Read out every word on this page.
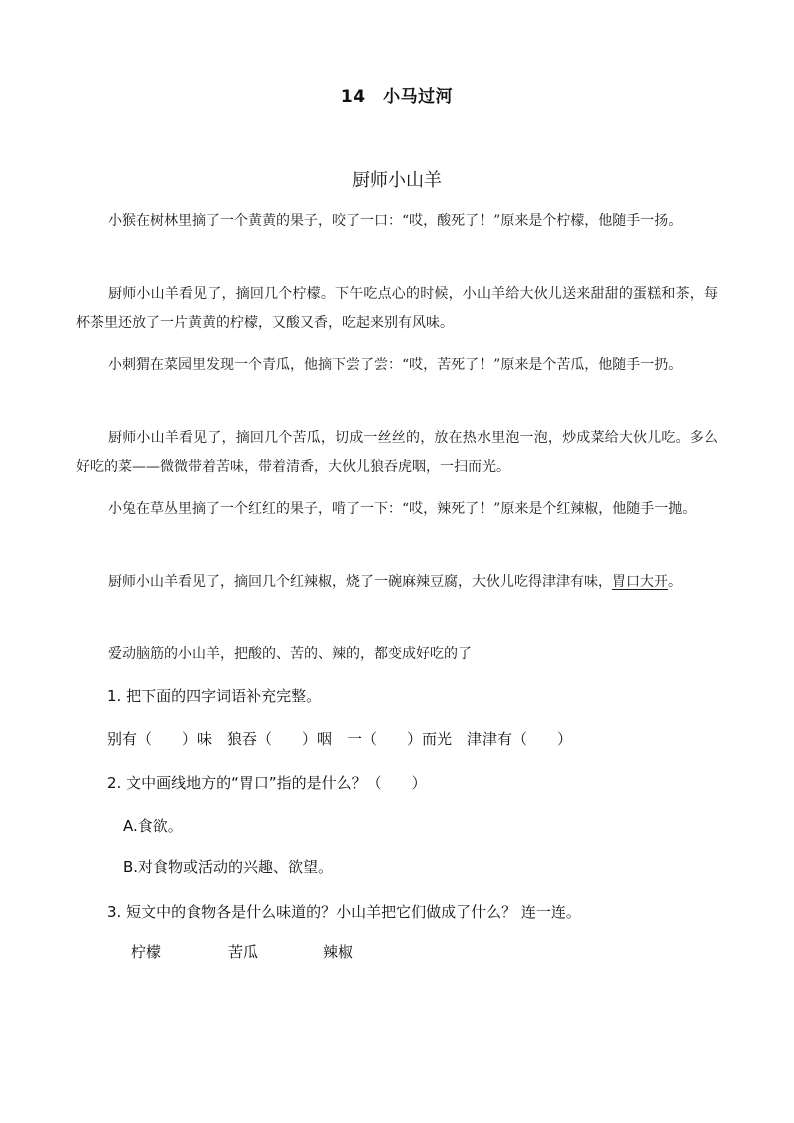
14　小马过河
厨师小山羊

小猴在树林里摘了一个黄黄的果子，咬了一口：“哎，酸死了！”原来是个柠檬，他随手一扬。

厨师小山羊看见了，摘回几个柠檬。下午吃点心的时候，小山羊给大伙儿送来甜甜的蛋糕和茶，每杯茶里还放了一片黄黄的柠檬，又酸又香，吃起来别有风味。

小刺猬在菜园里发现一个青瓜，他摘下尝了尝：“哎，苦死了！”原来是个苦瓜，他随手一扔。

厨师小山羊看见了，摘回几个苦瓜，切成一丝丝的，放在热水里泡一泡，炒成菜给大伙儿吃。多么好吃的菜——微微带着苦味，带着清香，大伙儿狼吞虎咽，一扫而光。

小兔在草丛里摘了一个红红的果子，啃了一下：“哎，辣死了！”原来是个红辣椒，他随手一抛。

厨师小山羊看见了，摘回几个红辣椒，烧了一碗麻辣豆腐，大伙儿吃得津津有味，胃口大开。

爱动脑筋的小山羊，把酸的、苦的、辣的，都变成好吃的了

1. 把下面的四字词语补充完整。

别有（　　）味　狼吞（　　）咽　一（　　）而光　津津有（　　）

2. 文中画线地方的“胃口”指的是什么？（　　）

A.食欲。

B.对食物或活动的兴趣、欲望。

3. 短文中的食物各是什么味道的？小山羊把它们做成了什么？ 连一连。

柠檬	苦瓜	辣椒
